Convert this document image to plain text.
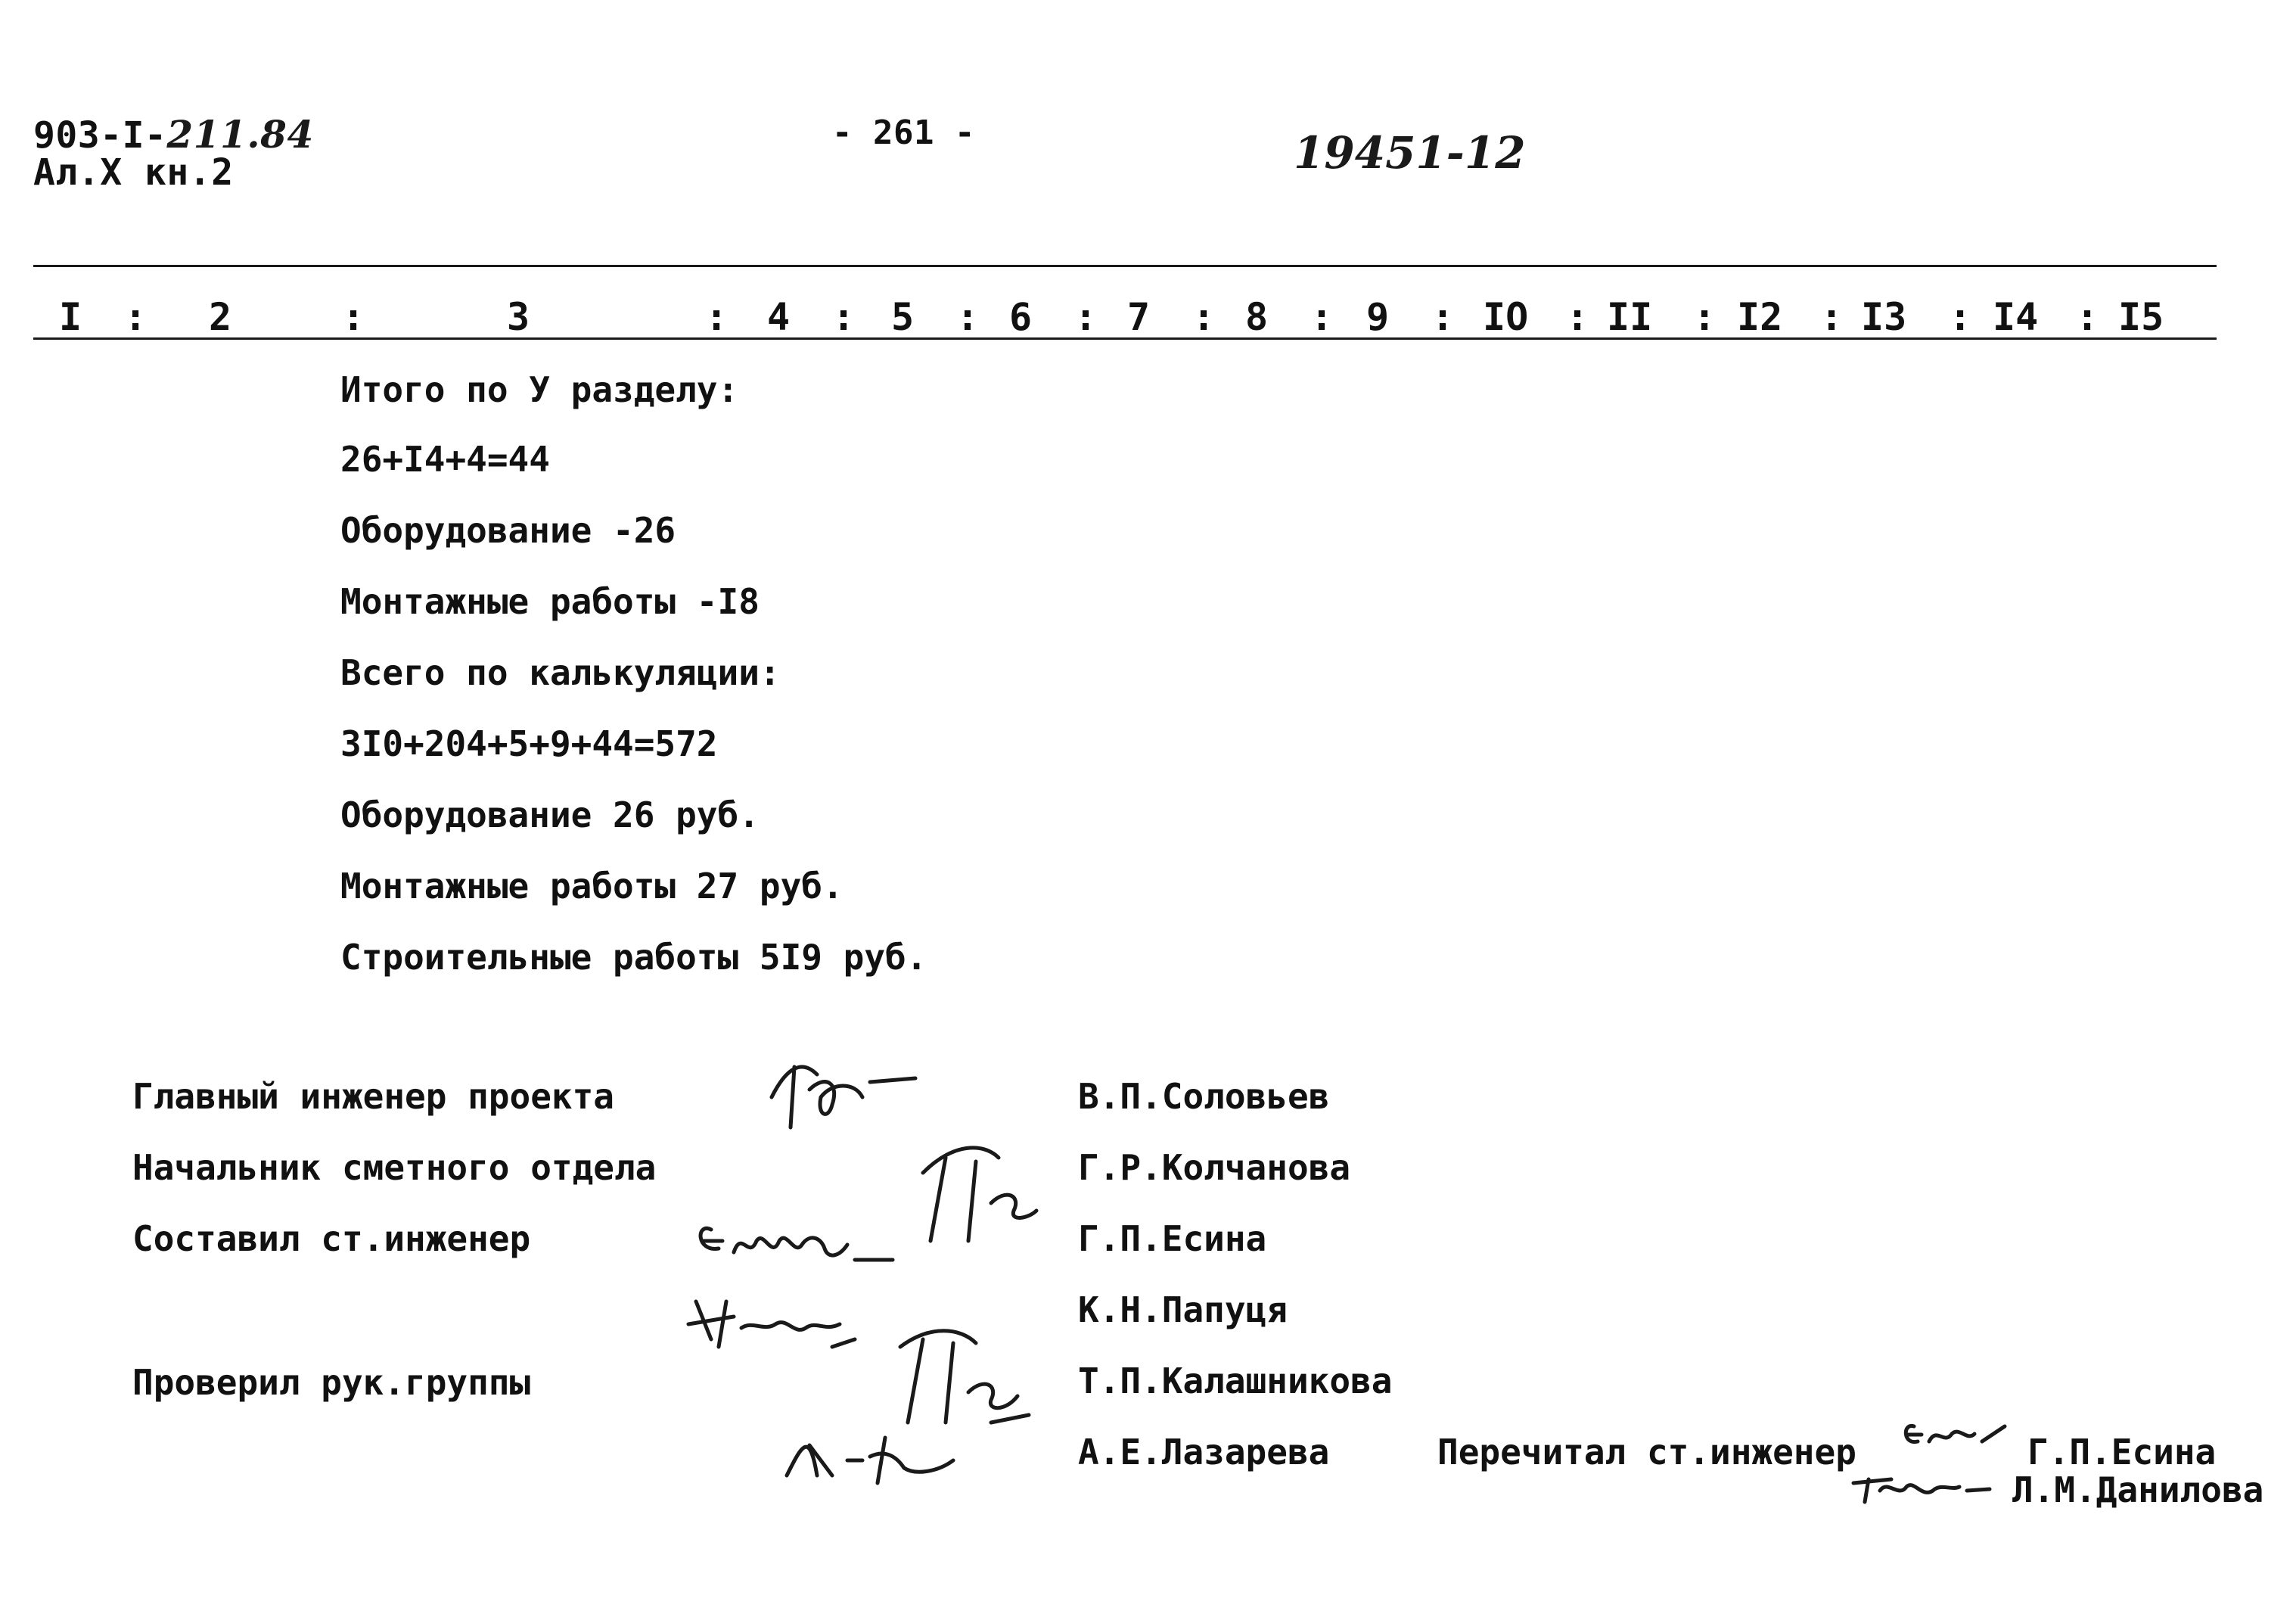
903-I-211.84
Ал.X кн.2
- 261 -	19451-12
I : 2	:	3	: 4 : 5 : 6 : 7 : 8 : 9 : IO : II : I2 : I3 : I4 : I5
Итого по У разделу:
26+I4+4=44
Оборудование -26
Монтажные работы -I8
Всего по калькуляции:
3I0+204+5+9+44=572
Оборудование 26 руб.
Монтажные работы 27 руб.
Строительные работы 5I9 руб.
Главный инженер проекта
Начальник сметного отдела
Составил ст.инженер
Проверил рук.группы
В.П.Соловьев
Г.Р.Колчанова
Г.П.Есина
К.Н.Папуця
Т.П.Калашникова
А.Е.Лазарева	Перечитал ст.инженер	Г.П.Есина
Л.М.Данилова
